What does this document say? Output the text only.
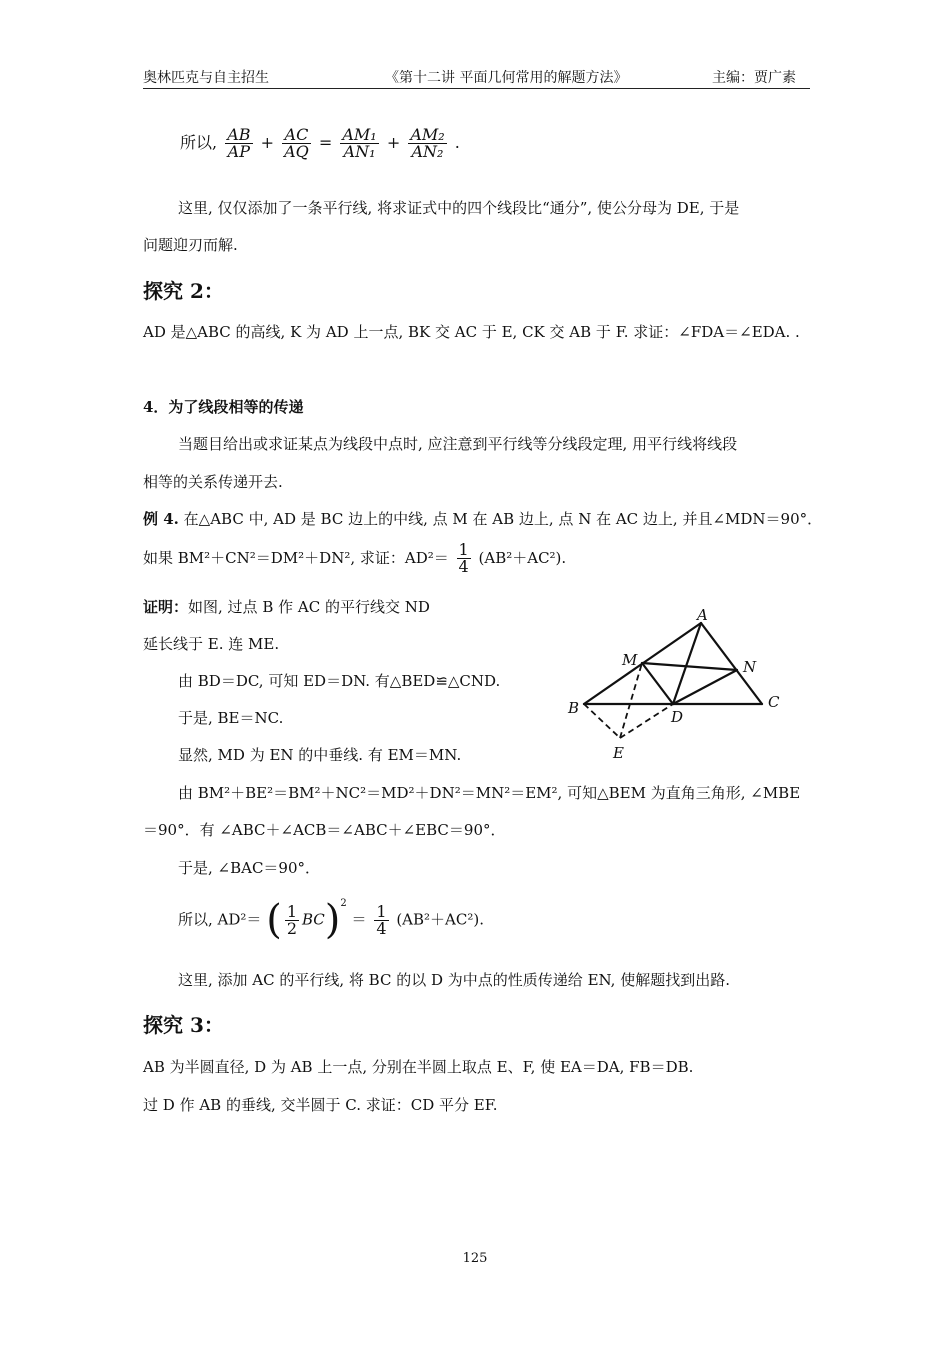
奥林匹克与自主招生	《第十二讲 平面几何常用的解题方法》	主编：贾广素
所以, $\frac{AB}{AP} + \frac{AC}{AQ} = \frac{\text{AM₁}}{\text{AN₁}} + \frac{\text{AM₂}}{\text{AN₂}}$ .
这里, 仅仅添加了一条平行线, 将求证式中的四个线段比“通分”, 使公分母为 DE, 于是
问题迎刃而解.
探究 2：
AD 是△ABC 的高线, K 为 AD 上一点, BK 交 AC 于 E, CK 交 AB 于 F. 求证：∠FDA＝∠EDA. .
4．为了线段相等的传递
当题目给出或求证某点为线段中点时, 应注意到平行线等分线段定理, 用平行线将线段
相等的关系传递开去.
例 4. 在△ABC 中, AD 是 BC 边上的中线, 点 M 在 AB 边上, 点 N 在 AC 边上, 并且∠MDN＝90°．
如果 BM²＋CN²＝DM²＋DN², 求证：$AD^2= \frac{1}{4} (AB^2+AC^2)$.
证明：如图, 过点 B 作 AC 的平行线交 ND
延长线于 E. 连 ME.
由 BD＝DC, 可知 ED＝DN. 有△BED≌△CND.
于是, BE＝NC.
显然, MD 为 EN 的中垂线. 有 EM＝MN.
由 BM²＋BE²＝BM²＋NC²＝MD²＋DN²＝MN²＝EM², 可知△BEM 为直角三角形, ∠MBE
＝90°．有 ∠ABC＋∠ACB＝∠ABC＋∠EBC＝90°．
于是, ∠BAC＝90°．
所以, AD²＝ ( $\frac{1}{2} BC)^2 = \frac{1}{4} (AB^2+AC^2)$.
这里, 添加 AC 的平行线, 将 BC 的以 D 为中点的性质传递给 EN, 使解题找到出路.
探究 3：
AB 为半圆直径, D 为 AB 上一点, 分别在半圆上取点 E、F, 使 EA＝DA, FB＝DB.
过 D 作 AB 的垂线, 交半圆于 C. 求证：CD 平分 EF.
A
B	C
D
E
M	N
125
